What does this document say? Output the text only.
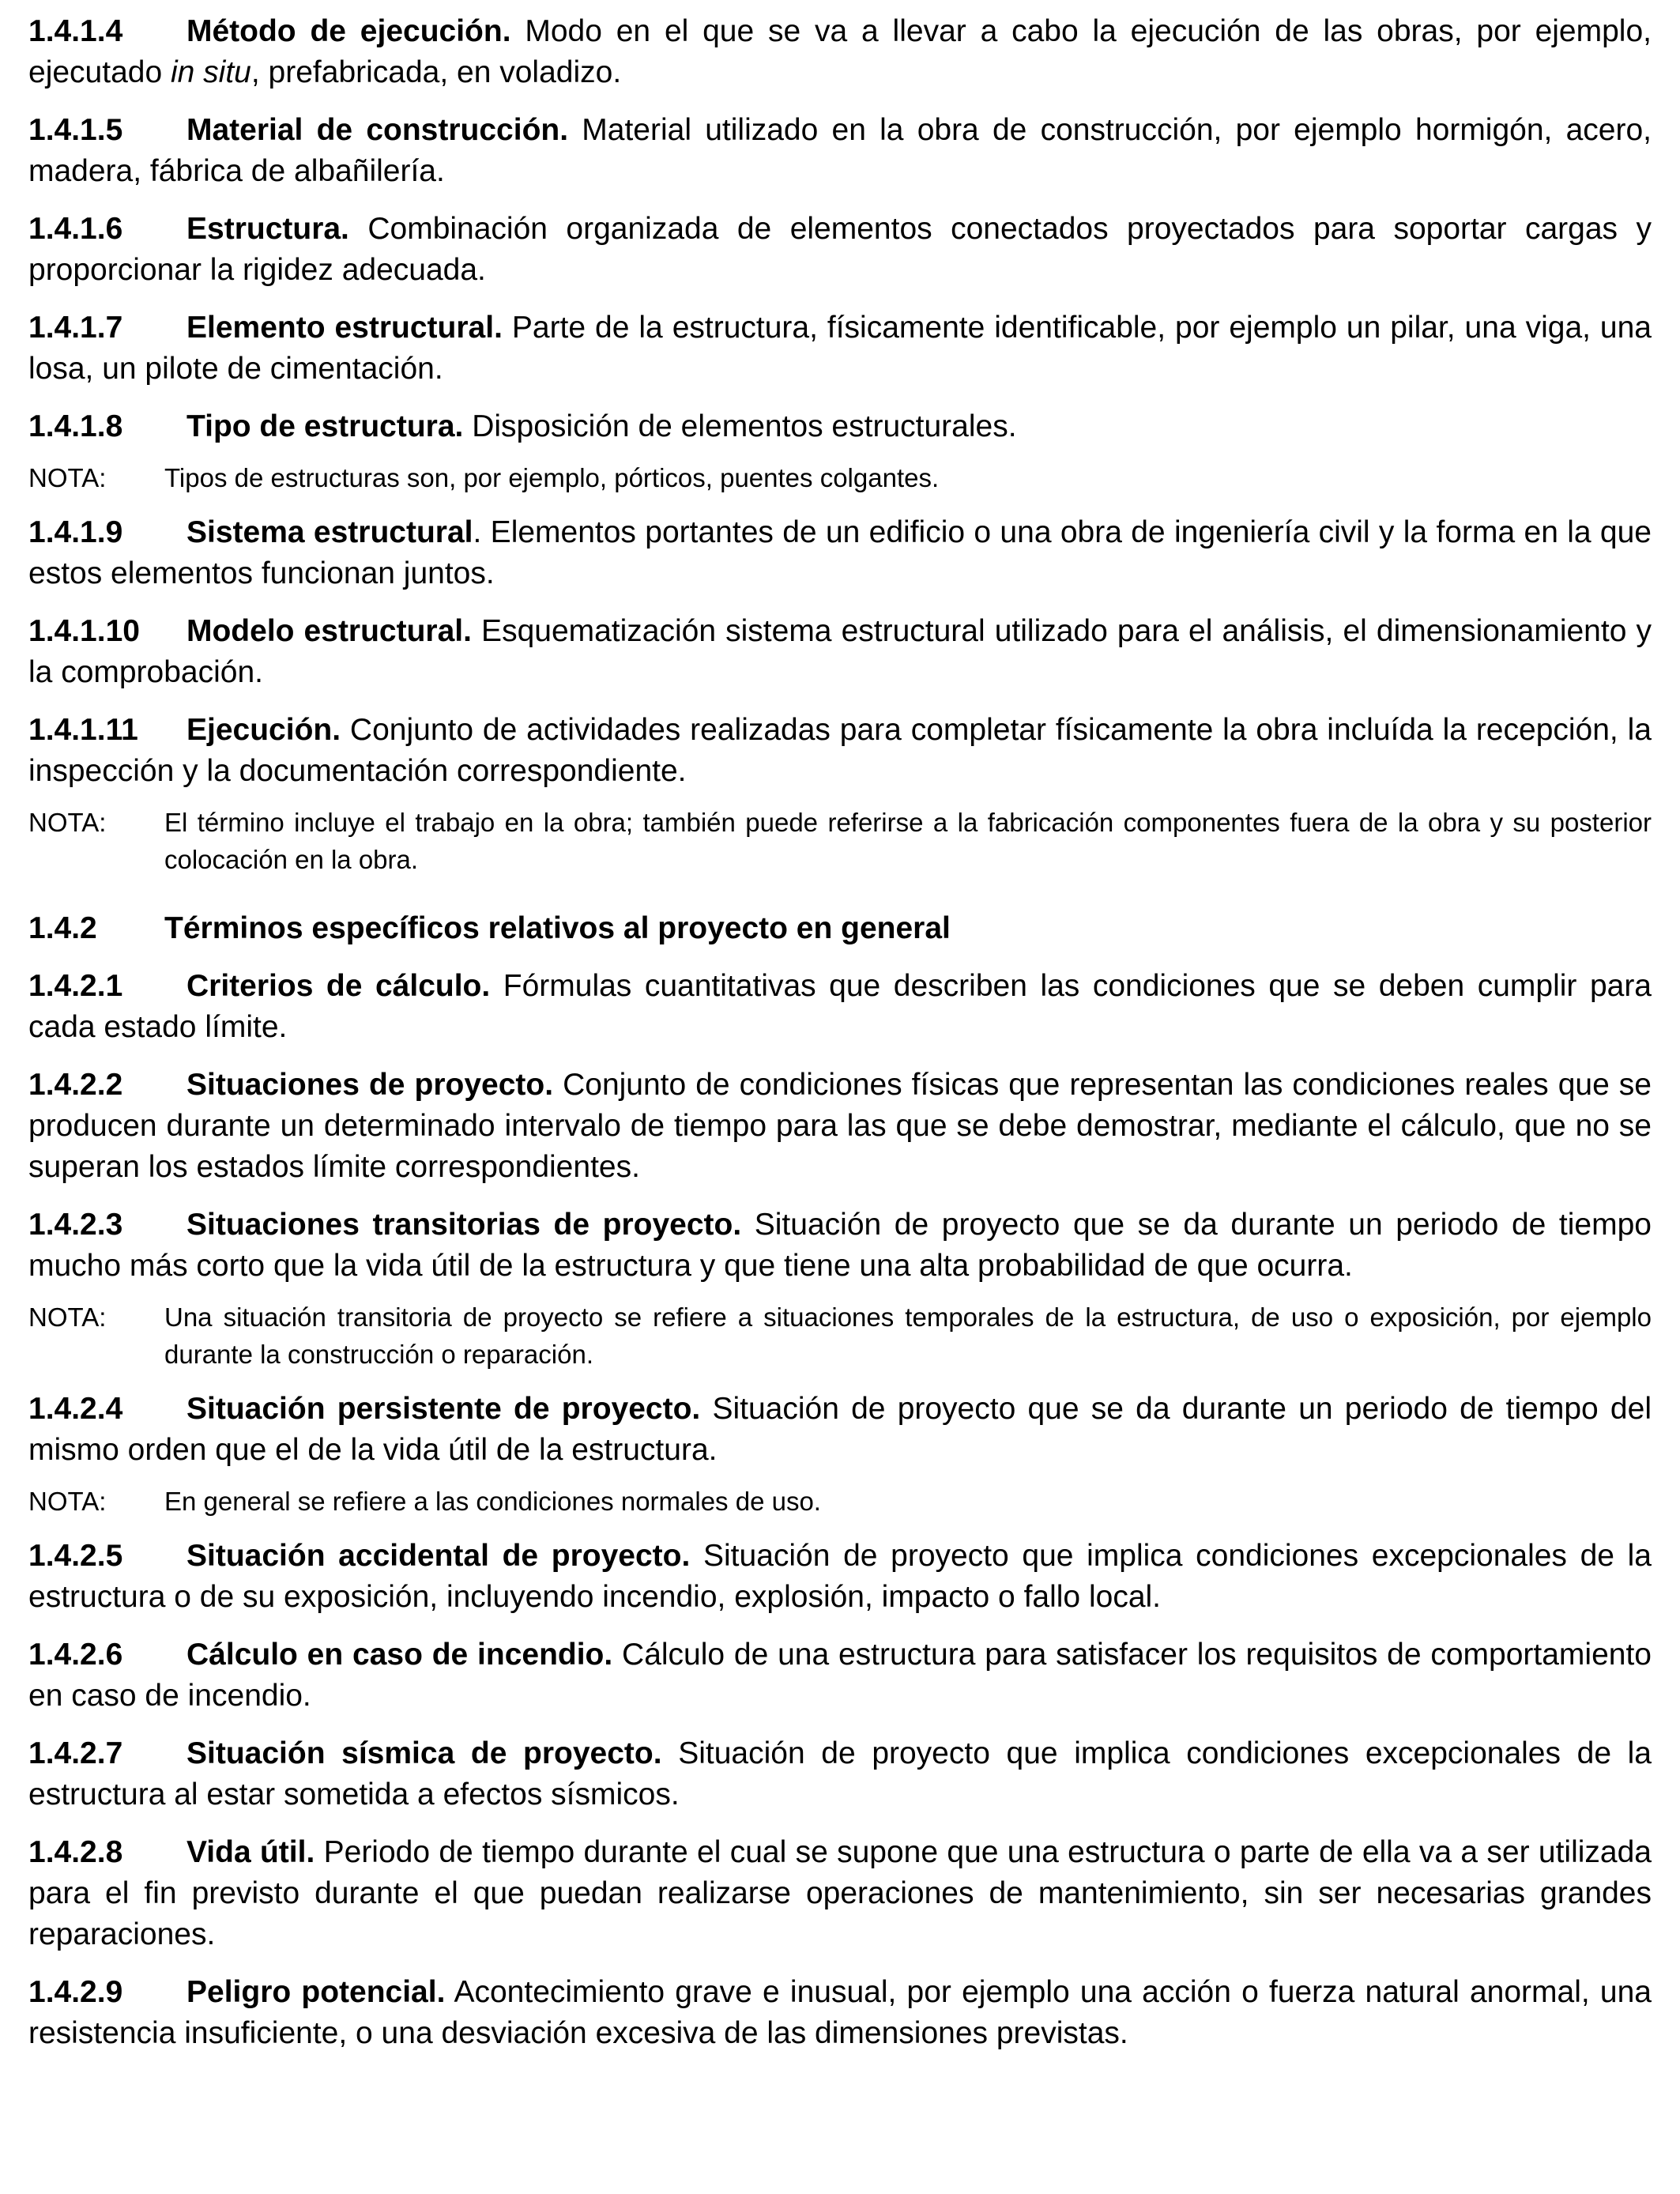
1.4.1.4 Método de ejecución. Modo en el que se va a llevar a cabo la ejecución de las obras, por ejemplo, ejecutado in situ, prefabricada, en voladizo.

1.4.1.5 Material de construcción. Material utilizado en la obra de construcción, por ejemplo hormigón, acero, madera, fábrica de albañilería.

1.4.1.6 Estructura. Combinación organizada de elementos conectados proyectados para soportar cargas y proporcionar la rigidez adecuada.

1.4.1.7 Elemento estructural. Parte de la estructura, físicamente identificable, por ejemplo un pilar, una viga, una losa, un pilote de cimentación.

1.4.1.8 Tipo de estructura. Disposición de elementos estructurales.

NOTA:	Tipos de estructuras son, por ejemplo, pórticos, puentes colgantes.

1.4.1.9 Sistema estructural. Elementos portantes de un edificio o una obra de ingeniería civil y la forma en la que estos elementos funcionan juntos.

1.4.1.10 Modelo estructural. Esquematización sistema estructural utilizado para el análisis, el dimensionamiento y la comprobación.

1.4.1.11 Ejecución. Conjunto de actividades realizadas para completar físicamente la obra incluída la recepción, la inspección y la documentación correspondiente.

NOTA:	El término incluye el trabajo en la obra; también puede referirse a la fabricación componentes fuera de la obra y su posterior colocación en la obra.
1.4.2 Términos específicos relativos al proyecto en general

1.4.2.1 Criterios de cálculo. Fórmulas cuantitativas que describen las condiciones que se deben cumplir para cada estado límite.

1.4.2.2 Situaciones de proyecto. Conjunto de condiciones físicas que representan las condiciones reales que se producen durante un determinado intervalo de tiempo para las que se debe demostrar, mediante el cálculo, que no se superan los estados límite correspondientes.

1.4.2.3 Situaciones transitorias de proyecto. Situación de proyecto que se da durante un periodo de tiempo mucho más corto que la vida útil de la estructura y que tiene una alta probabilidad de que ocurra.

NOTA:	Una situación transitoria de proyecto se refiere a situaciones temporales de la estructura, de uso o exposición, por ejemplo durante la construcción o reparación.

1.4.2.4 Situación persistente de proyecto. Situación de proyecto que se da durante un periodo de tiempo del mismo orden que el de la vida útil de la estructura.

NOTA:	En general se refiere a las condiciones normales de uso.

1.4.2.5 Situación accidental de proyecto. Situación de proyecto que implica condiciones excepcionales de la estructura o de su exposición, incluyendo incendio, explosión, impacto o fallo local.

1.4.2.6 Cálculo en caso de incendio. Cálculo de una estructura para satisfacer los requisitos de comportamiento en caso de incendio.

1.4.2.7 Situación sísmica de proyecto. Situación de proyecto que implica condiciones excepcionales de la estructura al estar sometida a efectos sísmicos.

1.4.2.8 Vida útil. Periodo de tiempo durante el cual se supone que una estructura o parte de ella va a ser utilizada para el fin previsto durante el que puedan realizarse operaciones de mantenimiento, sin ser necesarias grandes reparaciones.

1.4.2.9 Peligro potencial. Acontecimiento grave e inusual, por ejemplo una acción o fuerza natural anormal, una resistencia insuficiente, o una desviación excesiva de las dimensiones previstas.
